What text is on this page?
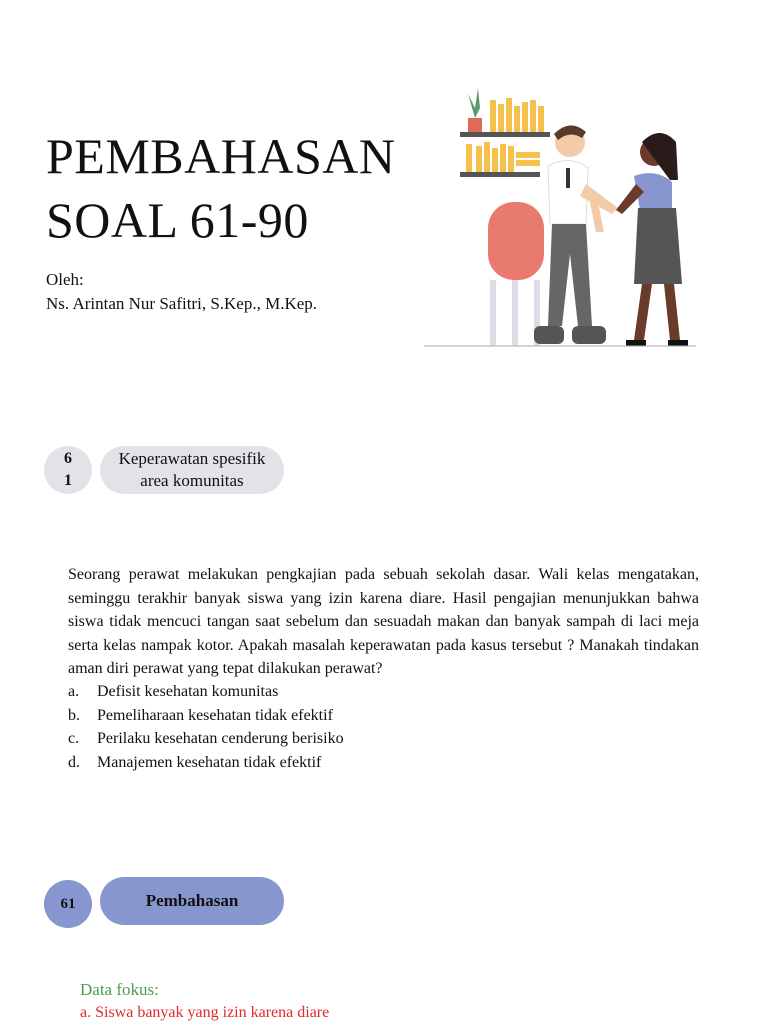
PEMBAHASAN
SOAL 61-90
Oleh:
Ns. Arintan Nur Safitri, S.Kep., M.Kep.
6
1
Keperawatan spesifik
area komunitas
Seorang perawat melakukan pengkajian pada sebuah sekolah dasar. Wali kelas mengatakan, seminggu terakhir banyak siswa yang izin karena diare. Hasil pengajian menunjukkan bahwa siswa tidak mencuci tangan saat sebelum dan sesuadah makan dan banyak sampah di laci meja serta kelas nampak kotor. Apakah masalah keperawatan pada kasus tersebut ? Manakah tindakan aman diri perawat yang tepat dilakukan perawat?
a.	Defisit kesehatan komunitas
b.	Pemeliharaan kesehatan tidak efektif
c.	Perilaku kesehatan cenderung berisiko
d.	Manajemen kesehatan tidak efektif
61	Pembahasan
Data fokus:
a. Siswa banyak yang izin karena diare
